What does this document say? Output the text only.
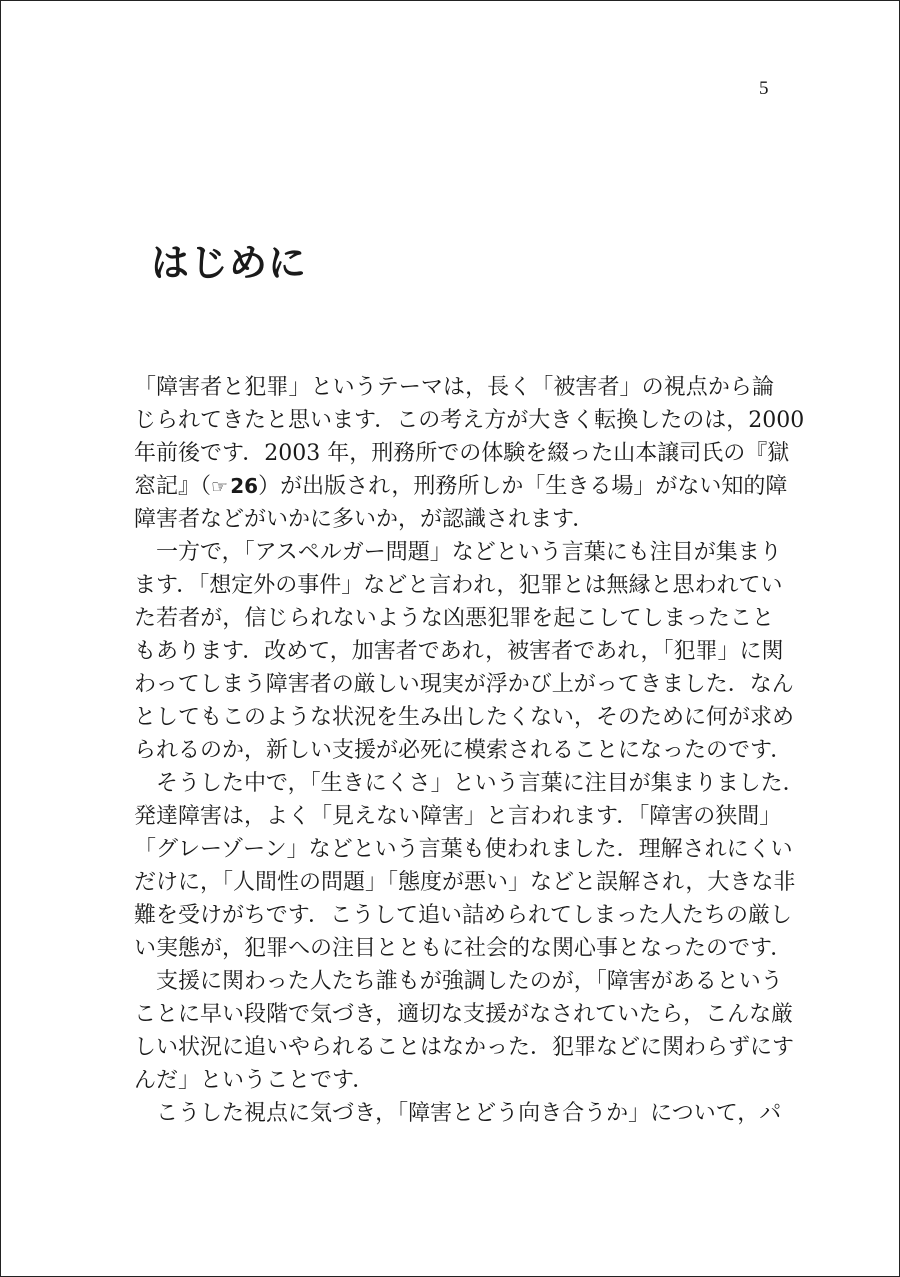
5
はじめに
「障害者と犯罪」というテーマは，長く「被害者」の視点から論
じられてきたと思います．この考え方が大きく転換したのは，2000
年前後です．2003 年，刑務所での体験を綴った山本譲司氏の『獄
窓記』（☞  26）が出版され，刑務所しか「生きる場」がない知的障
障害者などがいかに多いか，が認識されます．
　一方で，「アスペルガー問題」などという言葉にも注目が集まり
ます．「想定外の事件」などと言われ，犯罪とは無縁と思われてい
た若者が，信じられないような凶悪犯罪を起こしてしまったこと
もあります．改めて，加害者であれ，被害者であれ，「犯罪」に関
わってしまう障害者の厳しい現実が浮かび上がってきました．なん
としてもこのような状況を生み出したくない，そのために何が求め
られるのか，新しい支援が必死に模索されることになったのです．
　そうした中で，「生きにくさ」という言葉に注目が集まりました．
発達障害は，よく「見えない障害」と言われます．「障害の狭間」
「グレーゾーン」などという言葉も使われました．理解されにくい
だけに，「人間性の問題」「態度が悪い」などと誤解され，大きな非
難を受けがちです．こうして追い詰められてしまった人たちの厳し
い実態が，犯罪への注目とともに社会的な関心事となったのです．
　支援に関わった人たち誰もが強調したのが，「障害があるという
ことに早い段階で気づき，適切な支援がなされていたら，こんな厳
しい状況に追いやられることはなかった．犯罪などに関わらずにす
んだ」ということです．
　こうした視点に気づき，「障害とどう向き合うか」について，パ
